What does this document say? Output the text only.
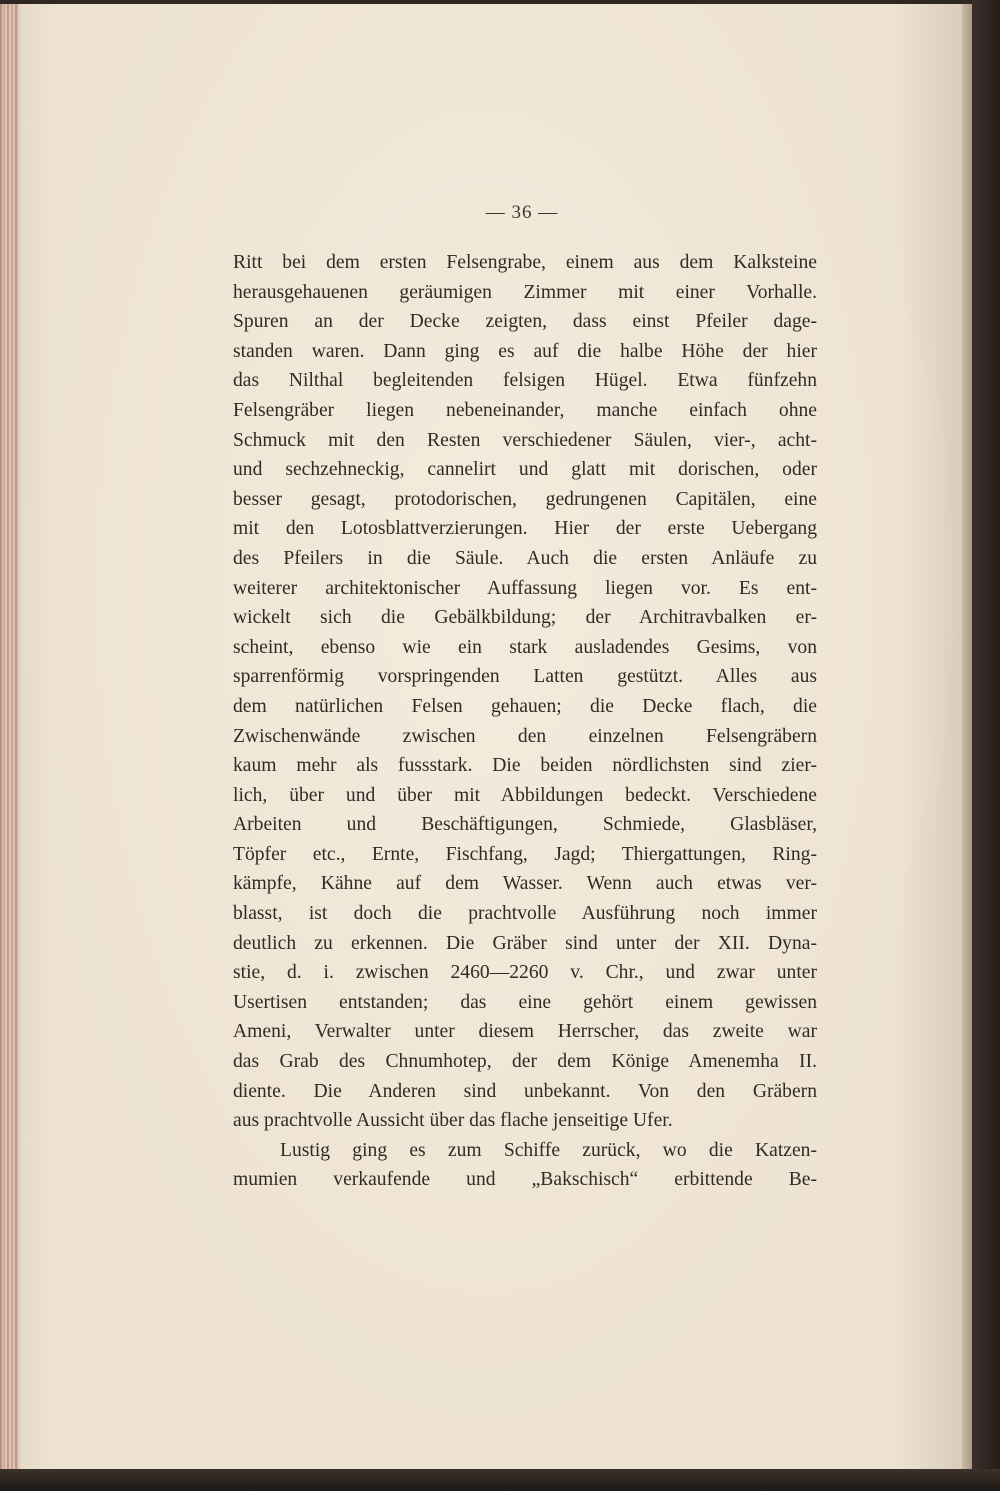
— 36 —
Ritt bei dem ersten Felsengrabe, einem aus dem Kalksteine
herausgehauenen geräumigen Zimmer mit einer Vorhalle.
Spuren an der Decke zeigten, dass einst Pfeiler dage-
standen waren. Dann ging es auf die halbe Höhe der hier
das Nilthal begleitenden felsigen Hügel. Etwa fünfzehn
Felsengräber liegen nebeneinander, manche einfach ohne
Schmuck mit den Resten verschiedener Säulen, vier-, acht-
und sechzehneckig, cannelirt und glatt mit dorischen, oder
besser gesagt, protodorischen, gedrungenen Capitälen, eine
mit den Lotosblattverzierungen. Hier der erste Uebergang
des Pfeilers in die Säule. Auch die ersten Anläufe zu
weiterer architektonischer Auffassung liegen vor. Es ent-
wickelt sich die Gebälkbildung; der Architravbalken er-
scheint, ebenso wie ein stark ausladendes Gesims, von
sparrenförmig vorspringenden Latten gestützt. Alles aus
dem natürlichen Felsen gehauen; die Decke flach, die
Zwischenwände zwischen den einzelnen Felsengräbern
kaum mehr als fussstark. Die beiden nördlichsten sind zier-
lich, über und über mit Abbildungen bedeckt. Verschiedene
Arbeiten und Beschäftigungen, Schmiede, Glasbläser,
Töpfer etc., Ernte, Fischfang, Jagd; Thiergattungen, Ring-
kämpfe, Kähne auf dem Wasser. Wenn auch etwas ver-
blasst, ist doch die prachtvolle Ausführung noch immer
deutlich zu erkennen. Die Gräber sind unter der XII. Dyna-
stie, d. i. zwischen 2460—2260 v. Chr., und zwar unter
Usertisen entstanden; das eine gehört einem gewissen
Ameni, Verwalter unter diesem Herrscher, das zweite war
das Grab des Chnumhotep, der dem Könige Amenemha II.
diente. Die Anderen sind unbekannt. Von den Gräbern
aus prachtvolle Aussicht über das flache jenseitige Ufer.
Lustig ging es zum Schiffe zurück, wo die Katzen-
mumien verkaufende und „Bakschisch“ erbittende Be-
